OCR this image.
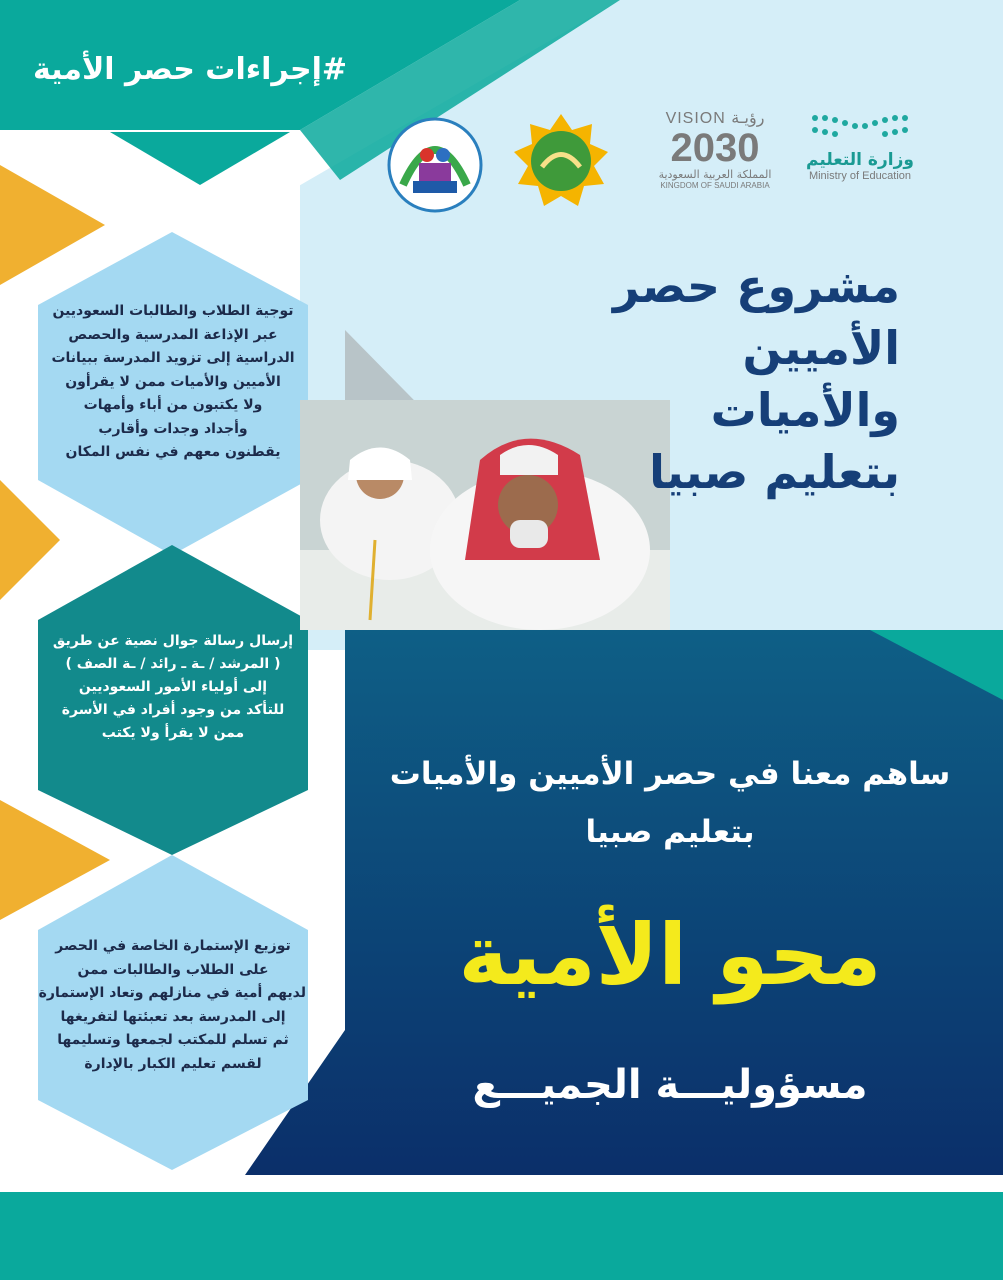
#إجراءات حصر الأمية
VISION رؤيـة
2030
المملكة العربية السعودية
KINGDOM OF SAUDI ARABIA
وزارة التعليم
Ministry of Education
مشروع حصر
الأميين والأميات
بتعليم صبيا
توجية الطلاب والطالبات السعوديين
عبر الإذاعة المدرسية والحصص
الدراسية إلى تزويد المدرسة ببيانات
الأميين والأميات ممن لا يقرأون
ولا يكتبون من أباء وأمهات
وأجداد وجدات وأقارب
يقطنون معهم في نفس المكان
إرسال رسالة جوال نصية عن طريق
( المرشد / ـة ـ رائد / ـة الصف )
إلى أولياء الأمور السعوديين
للتأكد من وجود أفراد في الأسرة
ممن لا يقرأ ولا يكتب
توزيع الإستمارة الخاصة في الحصر
على الطلاب والطالبات ممن
لديهم أمية في منازلهم وتعاد الإستمارة
إلى المدرسة بعد تعبئتها لتفريغها
ثم تسلم للمكتب لجمعها وتسليمها
لقسم تعليم الكبار بالإدارة
ساهم معنا في حصر الأميين والأميات
بتعليم صبيا
محو الأمية
مسؤوليـــة الجميـــع
